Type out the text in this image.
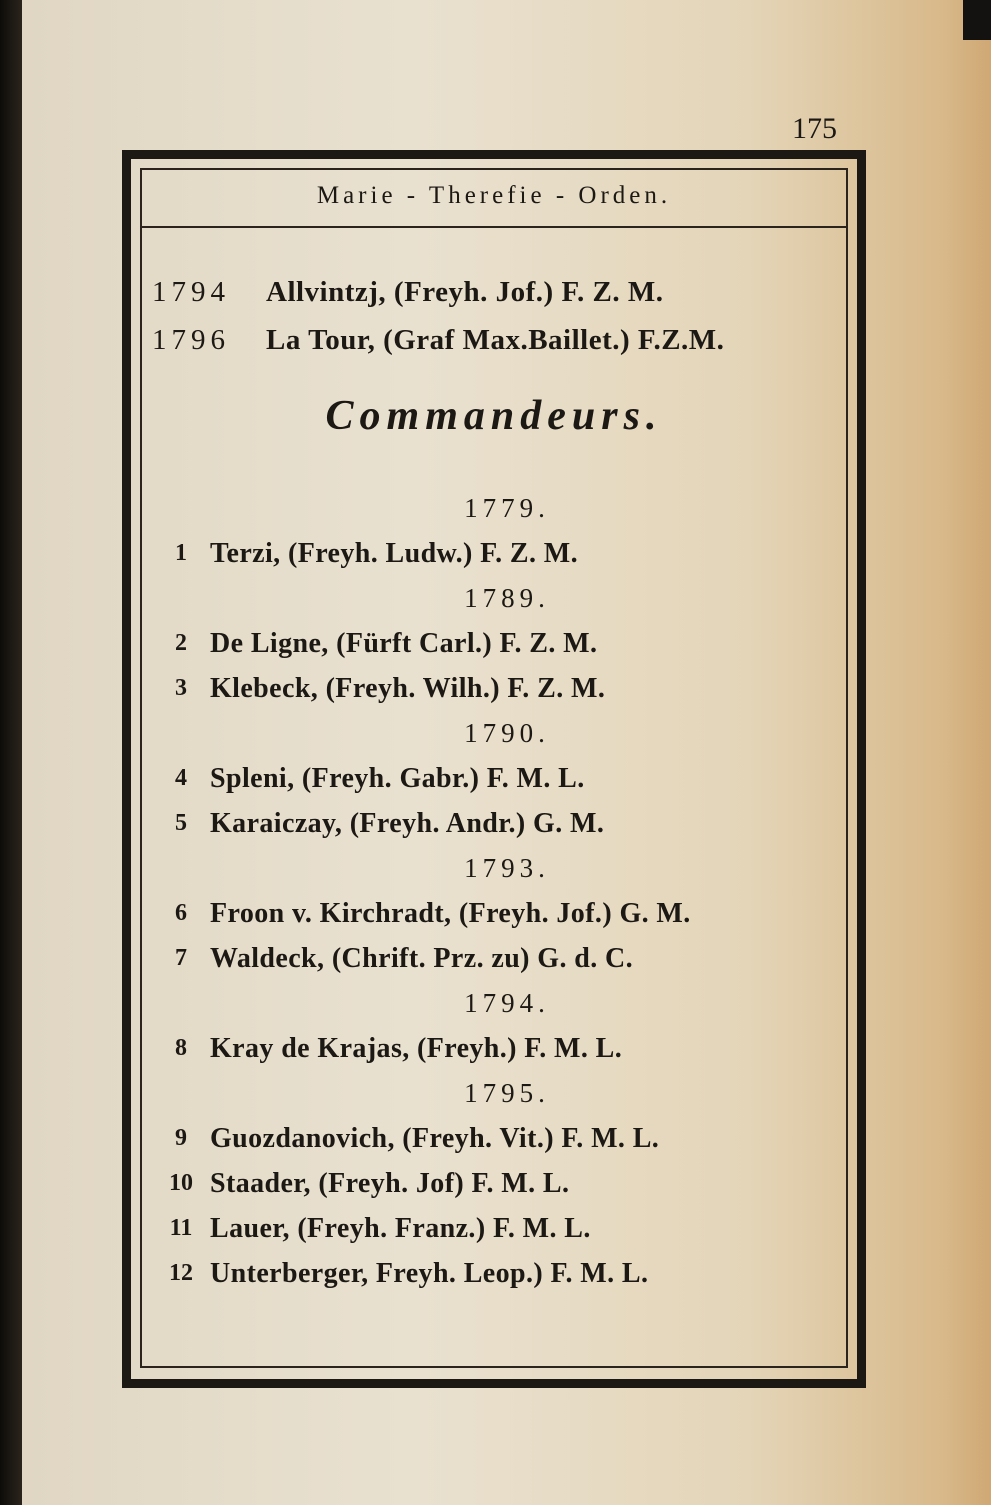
175
Marie - Therefie - Orden.
1794	Allvintzj, (Freyh. Jof.) F. Z. M.
1796	La Tour, (Graf Max.Baillet.) F.Z.M.
Commandeurs.
1779.
1 Terzi, (Freyh. Ludw.) F. Z. M.
1789.
2 De Ligne, (Fürft Carl.) F. Z. M.
3 Klebeck, (Freyh. Wilh.) F. Z. M.
1790.
4 Spleni, (Freyh. Gabr.) F. M. L.
5 Karaiczay, (Freyh. Andr.) G. M.
1793.
6 Froon v. Kirchradt, (Freyh. Jof.) G. M.
7 Waldeck, (Chrift. Prz. zu) G. d. C.
1794.
8 Kray de Krajas, (Freyh.) F. M. L.
1795.
9 Guozdanovich, (Freyh. Vit.) F. M. L.
10 Staader, (Freyh. Jof) F. M. L.
11 Lauer, (Freyh. Franz.) F. M. L.
12 Unterberger, Freyh. Leop.) F. M. L.
